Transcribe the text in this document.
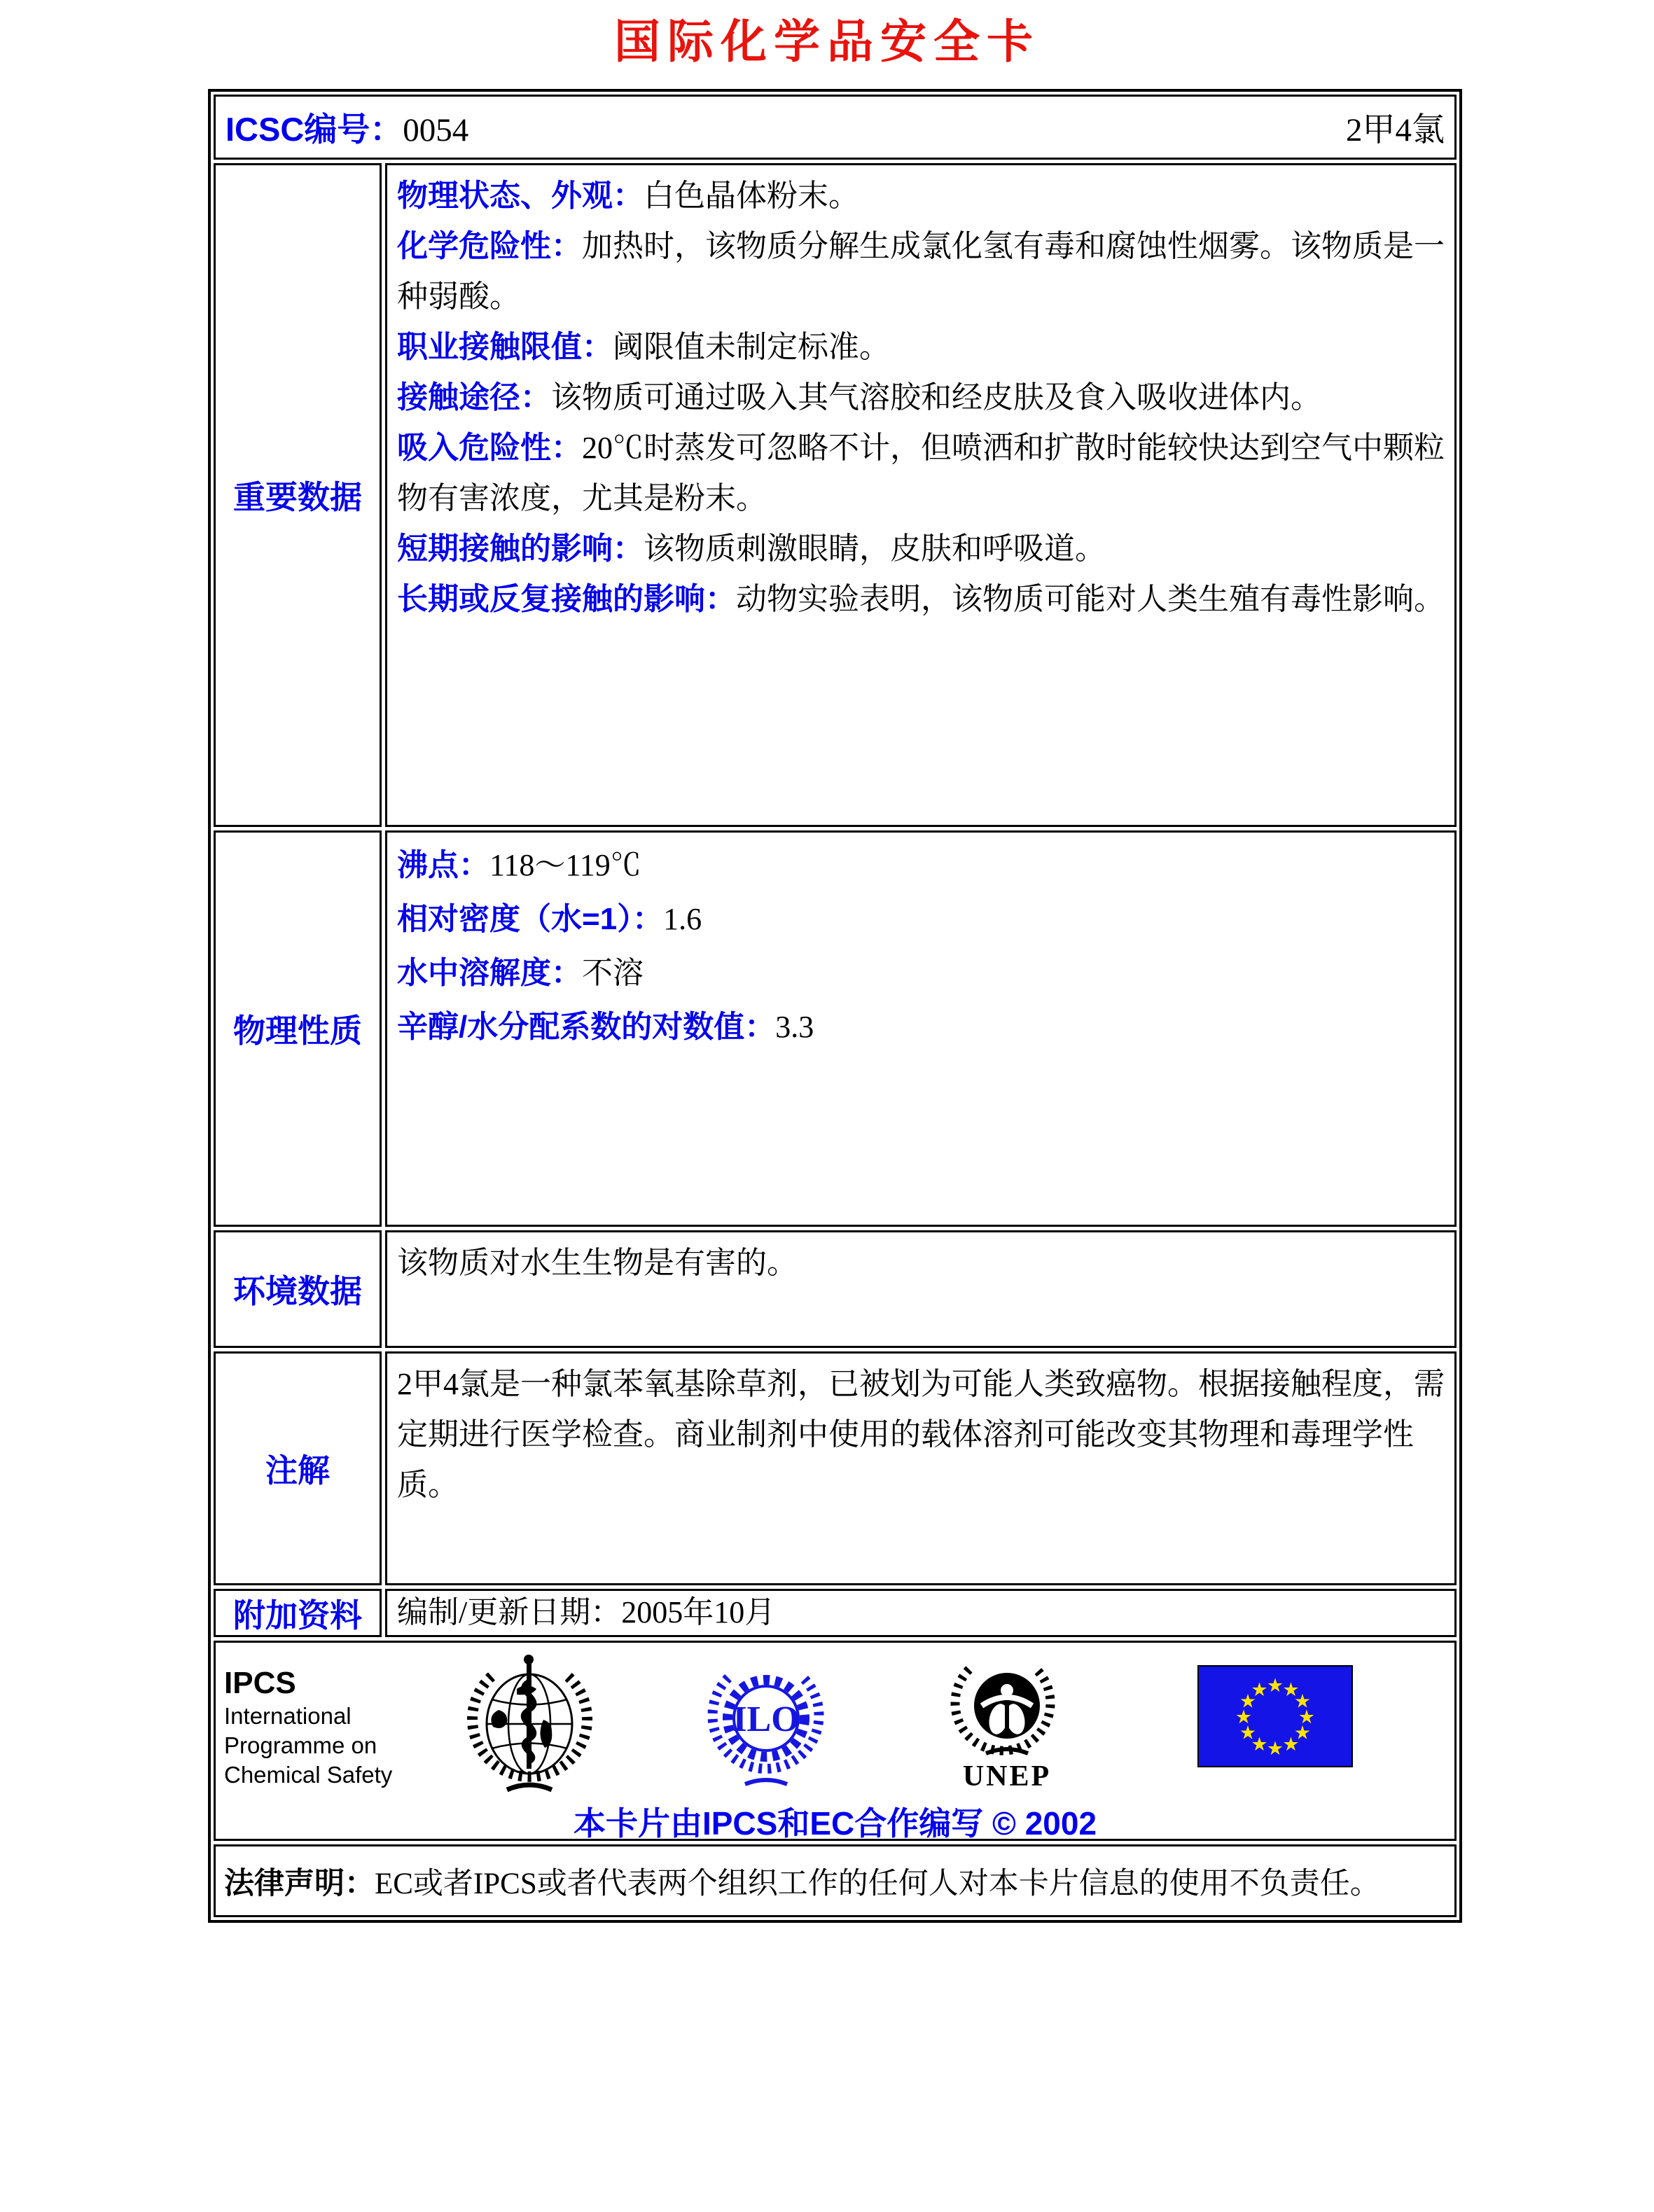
国际化学品安全卡
ICSC编号：0054	2甲4氯
重要数据
物理状态、外观：白色晶体粉末。
化学危险性：加热时，该物质分解生成氯化氢有毒和腐蚀性烟雾。该物质是一种弱酸。
职业接触限值：阈限值未制定标准。
接触途径：该物质可通过吸入其气溶胶和经皮肤及食入吸收进体内。
吸入危险性：20℃时蒸发可忽略不计，但喷洒和扩散时能较快达到空气中颗粒物有害浓度，尤其是粉末。
短期接触的影响：该物质刺激眼睛，皮肤和呼吸道。
长期或反复接触的影响：动物实验表明，该物质可能对人类生殖有毒性影响。
物理性质
沸点：118～119℃
相对密度（水=1）：1.6
水中溶解度：不溶
辛醇/水分配系数的对数值：3.3
环境数据
该物质对水生生物是有害的。
注解
2甲4氯是一种氯苯氧基除草剂，已被划为可能人类致癌物。根据接触程度，需定期进行医学检查。商业制剂中使用的载体溶剂可能改变其物理和毒理学性质。
附加资料	编制/更新日期：2005年10月
IPCS
International
Programme on
Chemical Safety
ILO
UNEP
★
★
★
★
★
★
★
★
★
★
★
★
本卡片由IPCS和EC合作编写 © 2002
法律声明： EC或者IPCS或者代表两个组织工作的任何人对本卡片信息的使用不负责任。
